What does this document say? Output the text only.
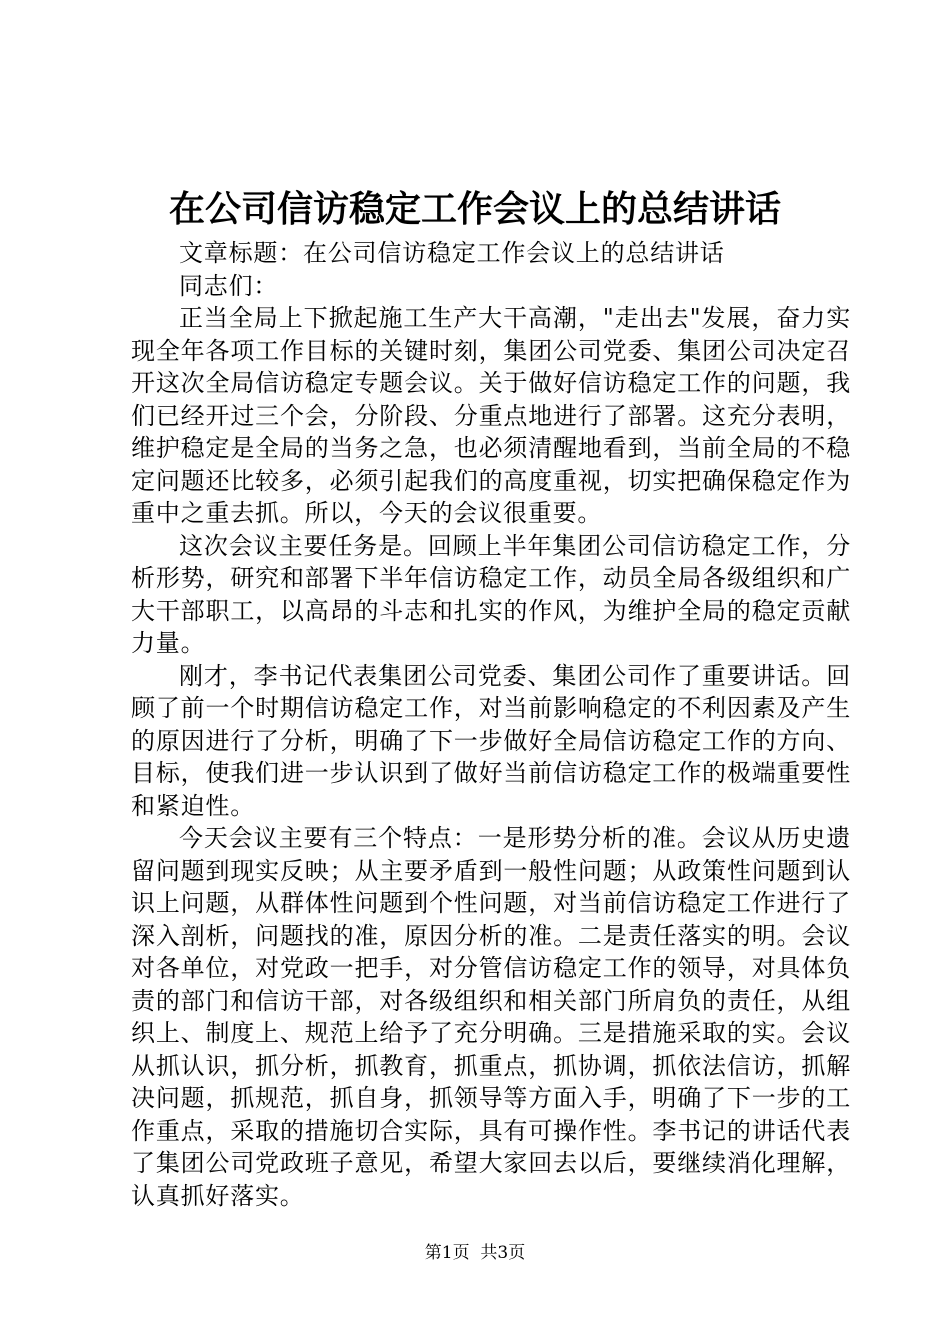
在公司信访稳定工作会议上的总结讲话

文章标题：在公司信访稳定工作会议上的总结讲话

同志们：

正当全局上下掀起施工生产大干高潮，"走出去"发展，奋力实现全年各项工作目标的关键时刻，集团公司党委、集团公司决定召开这次全局信访稳定专题会议。关于做好信访稳定工作的问题，我们已经开过三个会，分阶段、分重点地进行了部署。这充分表明，维护稳定是全局的当务之急，也必须清醒地看到，当前全局的不稳定问题还比较多，必须引起我们的高度重视，切实把确保稳定作为重中之重去抓。所以，今天的会议很重要。

这次会议主要任务是。回顾上半年集团公司信访稳定工作，分析形势，研究和部署下半年信访稳定工作，动员全局各级组织和广大干部职工，以高昂的斗志和扎实的作风，为维护全局的稳定贡献力量。

刚才，李书记代表集团公司党委、集团公司作了重要讲话。回顾了前一个时期信访稳定工作，对当前影响稳定的不利因素及产生的原因进行了分析，明确了下一步做好全局信访稳定工作的方向、目标，使我们进一步认识到了做好当前信访稳定工作的极端重要性和紧迫性。

今天会议主要有三个特点：一是形势分析的准。会议从历史遗留问题到现实反映；从主要矛盾到一般性问题；从政策性问题到认识上问题，从群体性问题到个性问题，对当前信访稳定工作进行了深入剖析，问题找的准，原因分析的准。二是责任落实的明。会议对各单位，对党政一把手，对分管信访稳定工作的领导，对具体负责的部门和信访干部，对各级组织和相关部门所肩负的责任，从组织上、制度上、规范上给予了充分明确。三是措施采取的实。会议从抓认识，抓分析，抓教育，抓重点，抓协调，抓依法信访，抓解决问题，抓规范，抓自身，抓领导等方面入手，明确了下一步的工作重点，采取的措施切合实际，具有可操作性。李书记的讲话代表了集团公司党政班子意见，希望大家回去以后，要继续消化理解，认真抓好落实。

第1页  共3页
